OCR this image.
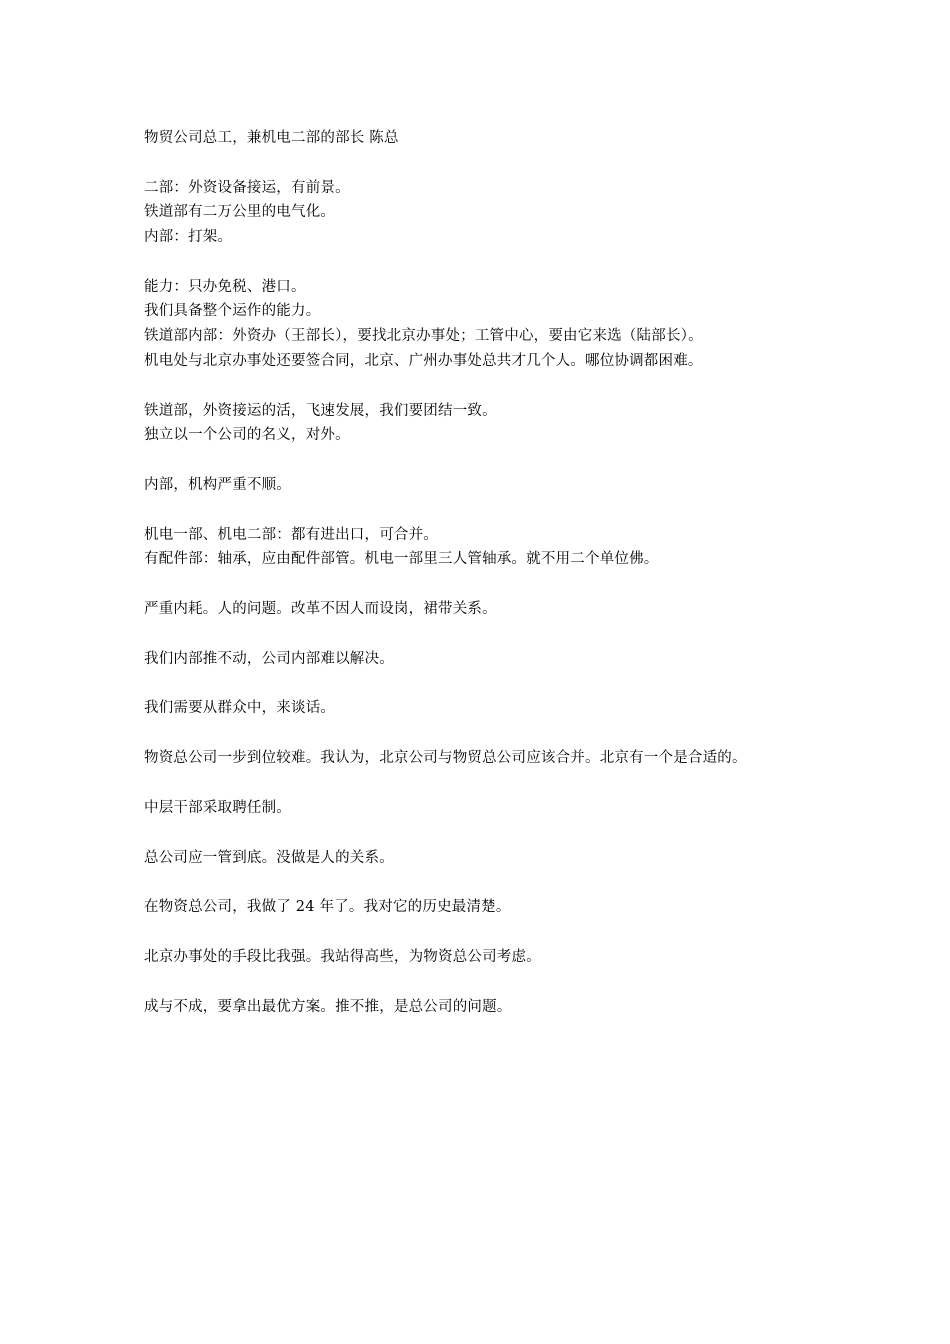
物贸公司总工，兼机电二部的部长 陈总

二部：外资设备接运，有前景。

铁道部有二万公里的电气化。

内部：打架。

能力：只办免税、港口。

我们具备整个运作的能力。

铁道部内部：外资办（王部长），要找北京办事处；工管中心，要由它来选（陆部长）。

机电处与北京办事处还要签合同，北京、广州办事处总共才几个人。哪位协调都困难。

铁道部，外资接运的活，飞速发展，我们要团结一致。

独立以一个公司的名义，对外。

内部，机构严重不顺。

机电一部、机电二部：都有进出口，可合并。

有配件部：轴承，应由配件部管。机电一部里三人管轴承。就不用二个单位佛。

严重内耗。人的问题。改革不因人而设岗，裙带关系。

我们内部推不动，公司内部难以解决。

我们需要从群众中，来谈话。

物资总公司一步到位较难。我认为，北京公司与物贸总公司应该合并。北京有一个是合适的。

中层干部采取聘任制。

总公司应一管到底。没做是人的关系。

在物资总公司，我做了 24 年了。我对它的历史最清楚。

北京办事处的手段比我强。我站得高些，为物资总公司考虑。

成与不成，要拿出最优方案。推不推，是总公司的问题。
